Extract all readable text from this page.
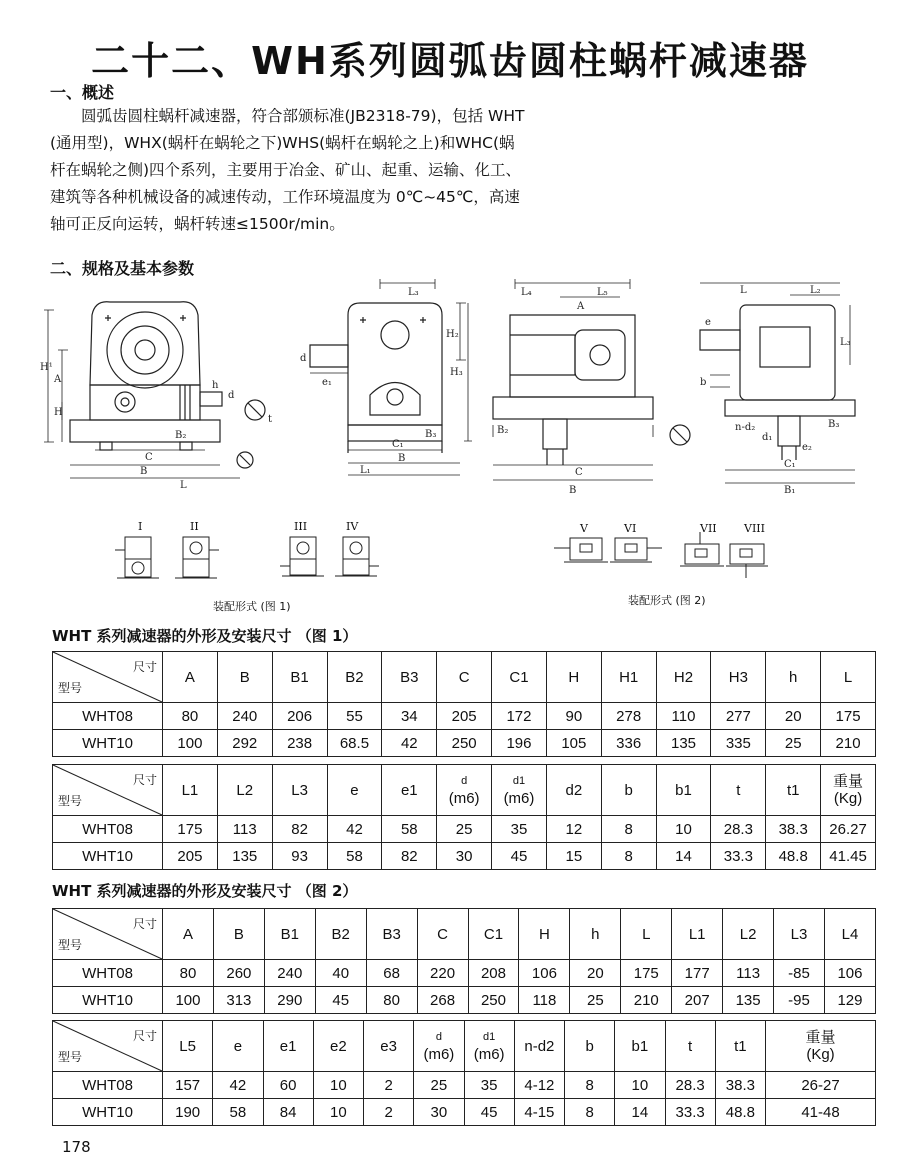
二十二、WH系列圆弧齿圆柱蜗杆减速器
一、概述

圆弧齿圆柱蜗杆减速器，符合部颁标准(JB2318-79)，包括 WHT

(通用型)，WHX(蜗杆在蜗轮之下)WHS(蜗杆在蜗轮之上)和WHC(蜗

杆在蜗轮之侧)四个系列，主要用于冶金、矿山、起重、运输、化工、

建筑等各种机械设备的减速传动，工作环境温度为 0℃~45℃，高速

轴可正反向运转，蜗杆转速≤1500r/min。

二、规格及基本参数
H¹
A
H
C
B
L
B₂
h
d
t
L₃
H₂
H₃
d
e₁
C₁
B₃
B
L₁
L₄
A
L₅
B₂
C
B
L	L₂
L₃
e
b
B₃
n-d₂
d₁
e₂
C₁
B₁
I	II	III	IV
装配形式 (图 1)
V	VI	VII VIII
装配形式 (图 2)
WHT 系列减速器的外形及安装尺寸 （图 1）
尺寸
型号	A	B	B1	B2	B3	C	C1	H	H1	H2	H3	h	L
WHT08	80	240	206	55	34	205	172	90	278	110	277	20	175
WHT10	100	292	238	68.5	42	250	196	105	336	135	335	25	210
尺寸
型号	L1	L2	L3	e	e1	d
(m6)	d1
(m6)	d2	b	b1	t	t1	重量
(Kg)
WHT08	175	113	82	42	58	25	35	12	8	10	28.3	38.3	26.27
WHT10	205	135	93	58	82	30	45	15	8	14	33.3	48.8	41.45
WHT 系列减速器的外形及安装尺寸 （图 2）
尺寸
型号	A	B	B1	B2	B3	C	C1	H	h	L	L1	L2	L3	L4
WHT08	80	260	240	40	68	220	208	106	20	175	177	113	-85	106
WHT10	100	313	290	45	80	268	250	118	25	210	207	135	-95	129
尺寸
型号	L5	e	e1	e2	e3	d
(m6)	d1
(m6)	n-d2	b	b1	t	t1	重量
(Kg)
WHT08	157	42	60	10	2	25	35	4-12	8	10	28.3	38.3	26-27
WHT10	190	58	84	10	2	30	45	4-15	8	14	33.3	48.8	41-48
178
